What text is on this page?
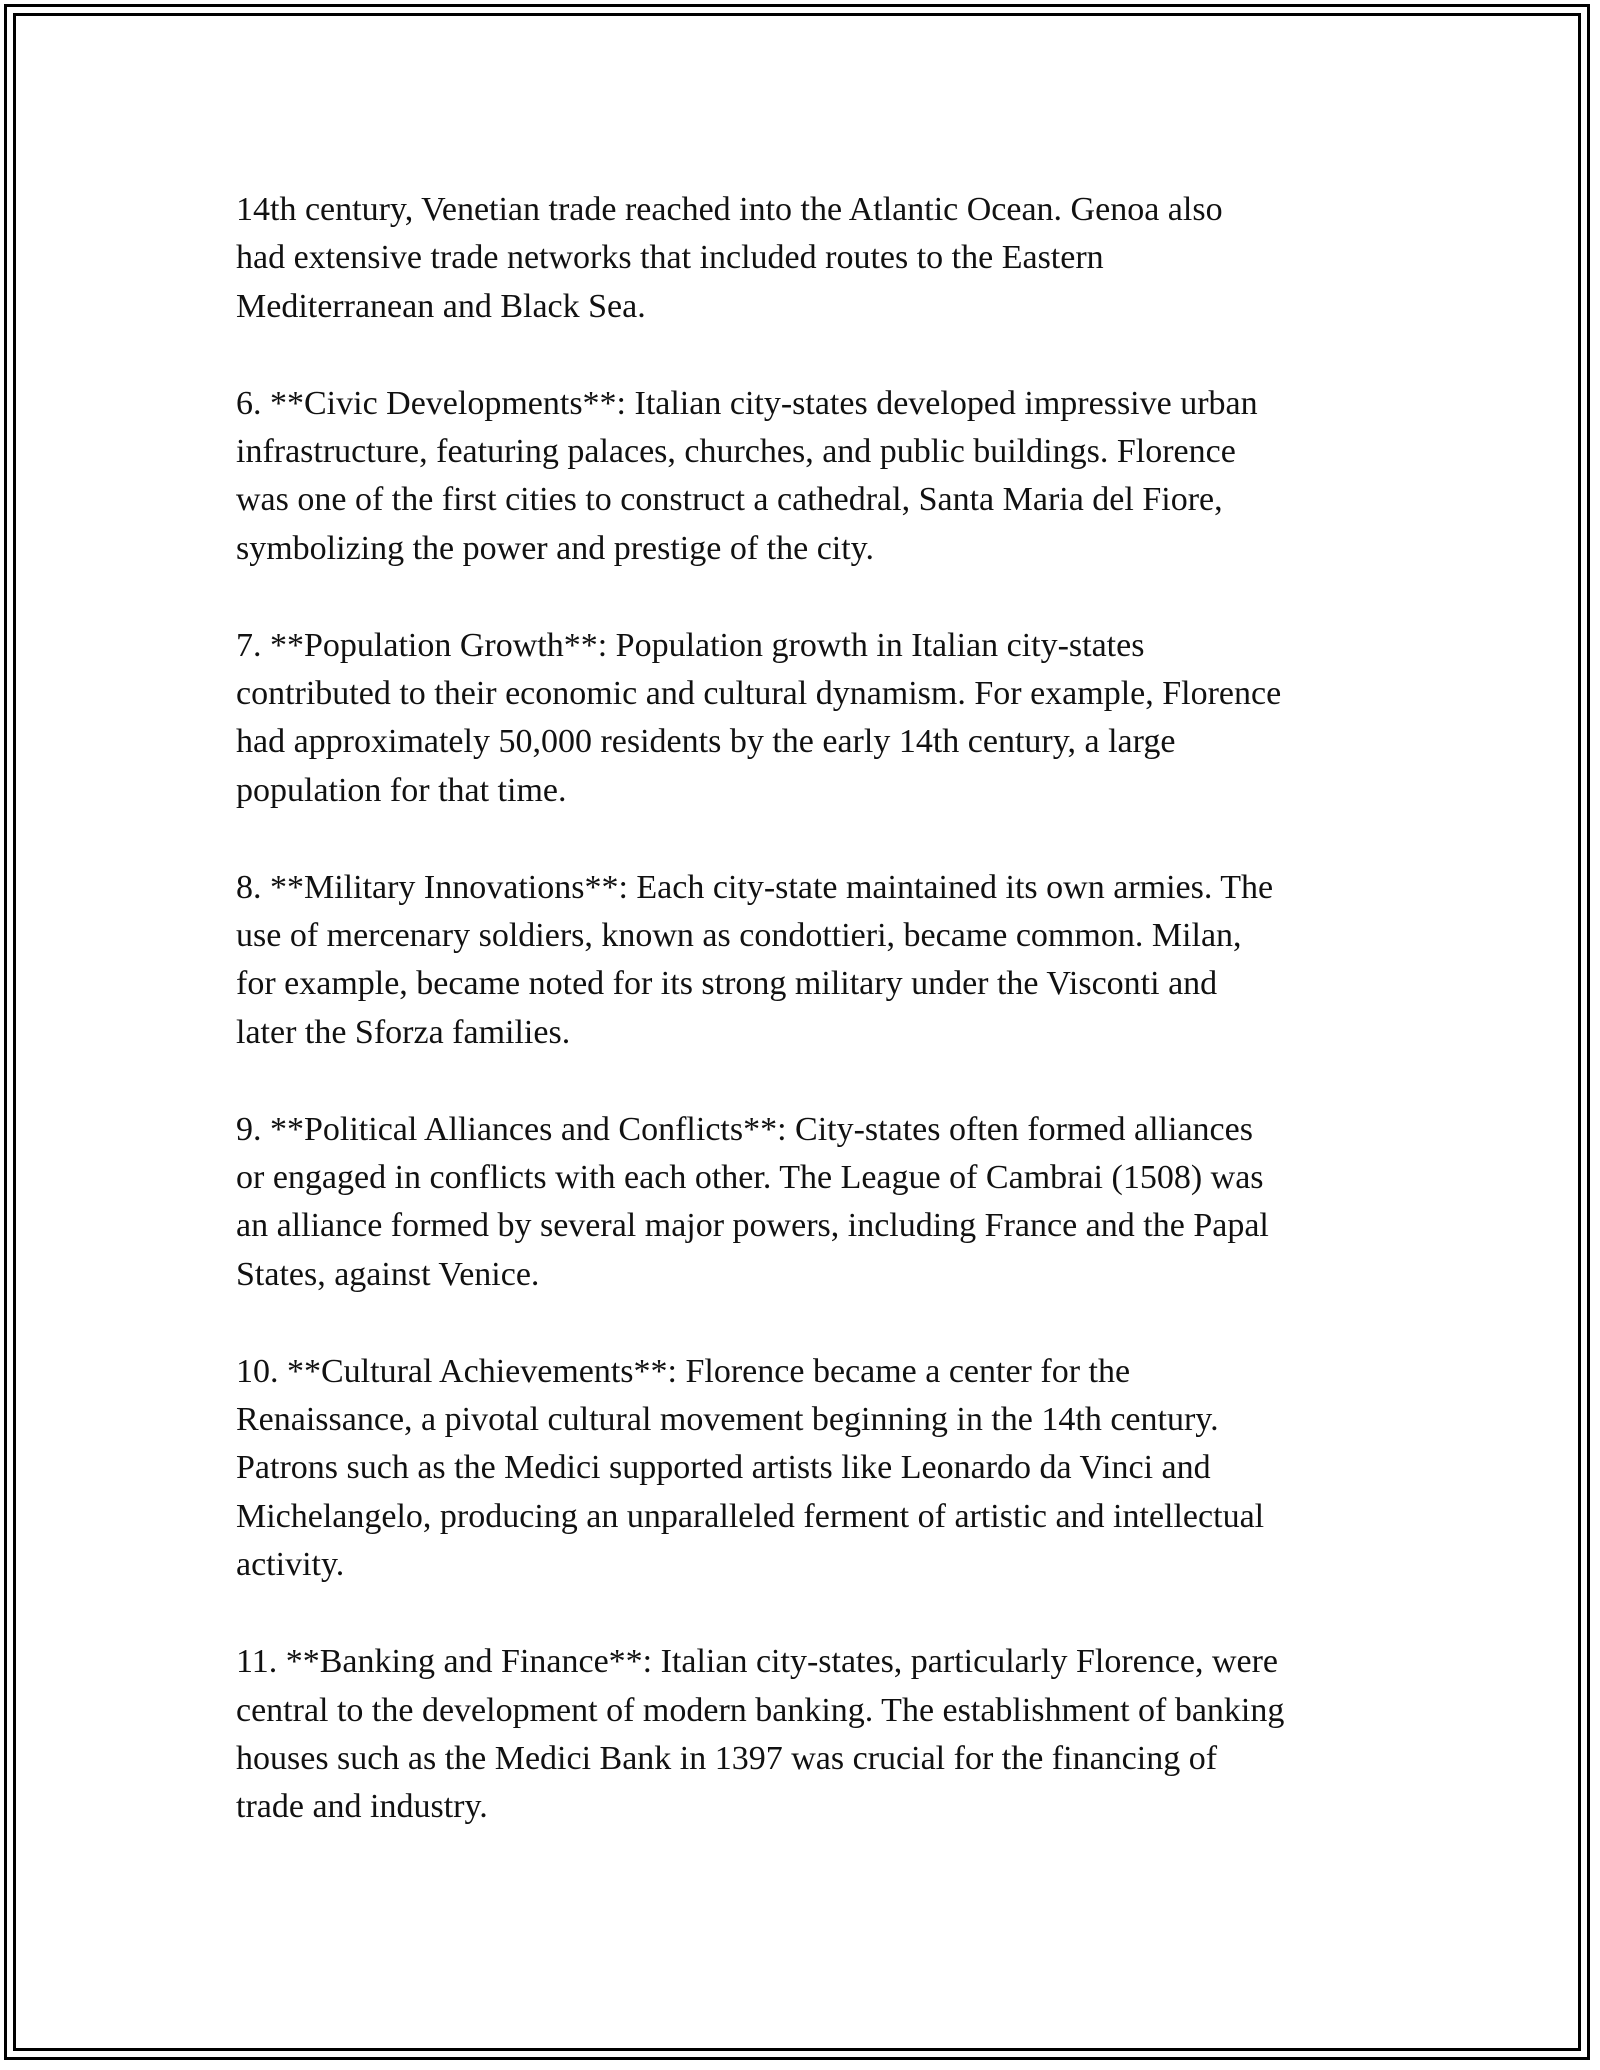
14th century, Venetian trade reached into the Atlantic Ocean. Genoa also
had extensive trade networks that included routes to the Eastern
Mediterranean and Black Sea.

6. **Civic Developments**: Italian city-states developed impressive urban
infrastructure, featuring palaces, churches, and public buildings. Florence
was one of the first cities to construct a cathedral, Santa Maria del Fiore,
symbolizing the power and prestige of the city.

7. **Population Growth**: Population growth in Italian city-states
contributed to their economic and cultural dynamism. For example, Florence
had approximately 50,000 residents by the early 14th century, a large
population for that time.

8. **Military Innovations**: Each city-state maintained its own armies. The
use of mercenary soldiers, known as condottieri, became common. Milan,
for example, became noted for its strong military under the Visconti and
later the Sforza families.

9. **Political Alliances and Conflicts**: City-states often formed alliances
or engaged in conflicts with each other. The League of Cambrai (1508) was
an alliance formed by several major powers, including France and the Papal
States, against Venice.

10. **Cultural Achievements**: Florence became a center for the
Renaissance, a pivotal cultural movement beginning in the 14th century.
Patrons such as the Medici supported artists like Leonardo da Vinci and
Michelangelo, producing an unparalleled ferment of artistic and intellectual
activity.

11. **Banking and Finance**: Italian city-states, particularly Florence, were
central to the development of modern banking. The establishment of banking
houses such as the Medici Bank in 1397 was crucial for the financing of
trade and industry.
